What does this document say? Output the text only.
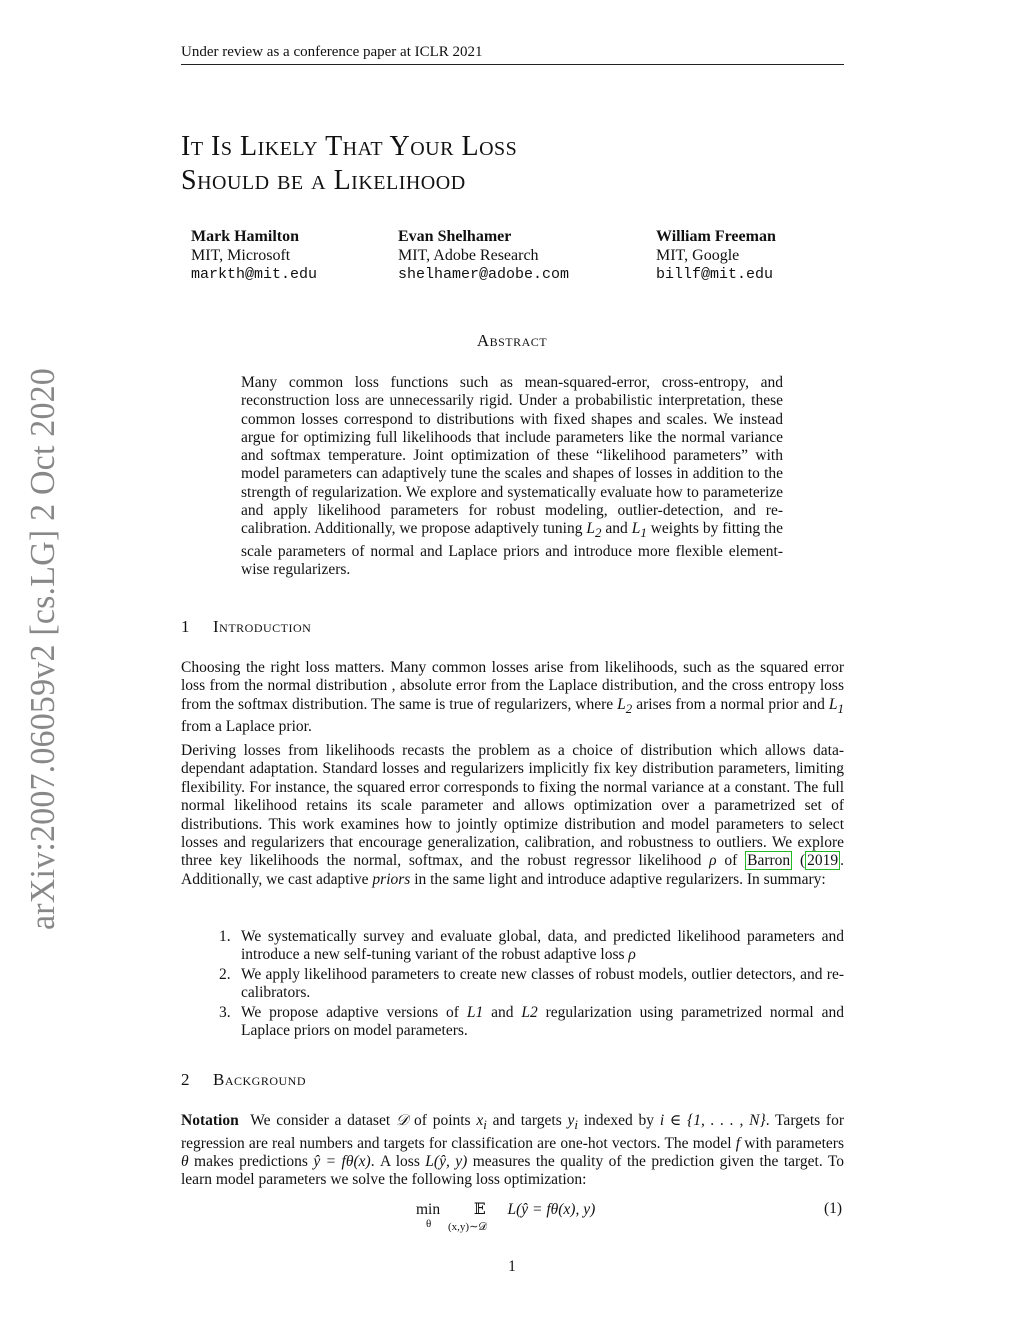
Under review as a conference paper at ICLR 2021
arXiv:2007.06059v2 [cs.LG] 2 Oct 2020
It Is Likely That Your Loss
Should be a Likelihood
Mark Hamilton
MIT, Microsoft
markth@mit.edu
Evan Shelhamer
MIT, Adobe Research
shelhamer@adobe.com
William Freeman
MIT, Google
billf@mit.edu
Abstract
Many common loss functions such as mean-squared-error, cross-entropy, and reconstruction loss are unnecessarily rigid. Under a probabilistic interpretation, these common losses correspond to distributions with fixed shapes and scales. We instead argue for optimizing full likelihoods that include parameters like the normal variance and softmax temperature. Joint optimization of these “likelihood parameters” with model parameters can adaptively tune the scales and shapes of losses in addition to the strength of regularization. We explore and systematically evaluate how to parameterize and apply likelihood parameters for robust modeling, outlier-detection, and re-calibration. Additionally, we propose adaptively tuning $L_2$ and $L_1$ weights by fitting the scale parameters of normal and Laplace priors and introduce more flexible element-wise regularizers.
1 Introduction

Choosing the right loss matters. Many common losses arise from likelihoods, such as the squared error loss from the normal distribution , absolute error from the Laplace distribution, and the cross entropy loss from the softmax distribution. The same is true of regularizers, where $L_2$ arises from a normal prior and $L_1$ from a Laplace prior.

Deriving losses from likelihoods recasts the problem as a choice of distribution which allows data-dependant adaptation. Standard losses and regularizers implicitly fix key distribution parameters, limiting flexibility. For instance, the squared error corresponds to fixing the normal variance at a constant. The full normal likelihood retains its scale parameter and allows optimization over a parametrized set of distributions. This work examines how to jointly optimize distribution and model parameters to select losses and regularizers that encourage generalization, calibration, and robustness to outliers. We explore three key likelihoods the normal, softmax, and the robust regressor likelihood ρ of Barron ( 2019 . Additionally, we cast adaptive priors in the same light and introduce adaptive regularizers. In summary:

1. We systematically survey and evaluate global, data, and predicted likelihood parameters and introduce a new self-tuning variant of the robust adaptive loss ρ
2. We apply likelihood parameters to create new classes of robust models, outlier detectors, and re-calibrators.
3. We propose adaptive versions of L1 and L2 regularization using parametrized normal and Laplace priors on model parameters.
2 Background

Notation We consider a dataset 𝒟 of points $x_i$ and targets $y_i$ indexed by i ∈ {1, . . . , N}. Targets for regression are real numbers and targets for classification are one-hot vectors. The model f with parameters θ makes predictions ŷ = fθ(x). A loss L(ŷ, y) measures the quality of the prediction given the target. To learn model parameters we solve the following loss optimization:

min
θ
𝔼
(x,y)∼𝒟
L(ŷ = fθ(x), y)	(1)
1
